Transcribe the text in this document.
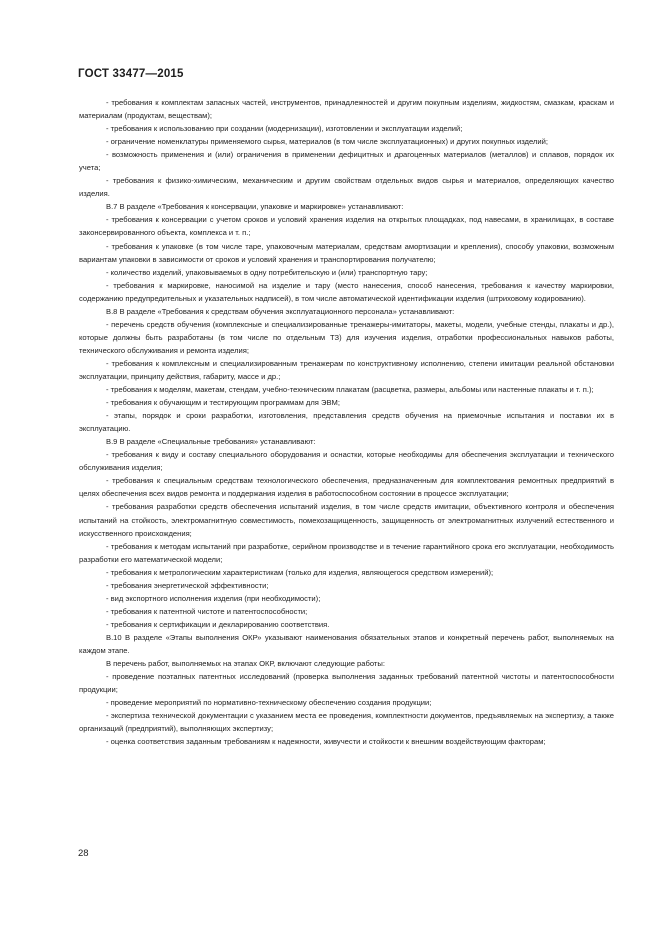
ГОСТ 33477—2015

- требования к комплектам запасных частей, инструментов, принадлежностей и другим покупным изделиям, жидкостям, смазкам, краскам и материалам (продуктам, веществам);

- требования к использованию при создании (модернизации), изготовлении и эксплуатации изделий;

- ограничение номенклатуры применяемого сырья, материалов (в том числе эксплуатационных) и других покупных изделий;

- возможность применения и (или) ограничения в применении дефицитных и драгоценных материалов (металлов) и сплавов, порядок их учета;

- требования к физико-химическим, механическим и другим свойствам отдельных видов сырья и материалов, определяющих качество изделия.

В.7 В разделе «Требования к консервации, упаковке и маркировке» устанавливают:

- требования к консервации с учетом сроков и условий хранения изделия на открытых площадках, под навесами, в хранилищах, в составе законсервированного объекта, комплекса и т. п.;

- требования к упаковке (в том числе таре, упаковочным материалам, средствам амортизации и крепления), способу упаковки, возможным вариантам упаковки в зависимости от сроков и условий хранения и транспортирования получателю;

- количество изделий, упаковываемых в одну потребительскую и (или) транспортную тару;

- требования к маркировке, наносимой на изделие и тару (место нанесения, способ нанесения, требования к качеству маркировки, содержанию предупредительных и указательных надписей), в том числе автоматической идентификации изделия (штриховому кодированию).

В.8 В разделе «Требования к средствам обучения эксплуатационного персонала» устанавливают:

- перечень средств обучения (комплексные и специализированные тренажеры-имитаторы, макеты, модели, учебные стенды, плакаты и др.), которые должны быть разработаны (в том числе по отдельным ТЗ) для изучения изделия, отработки профессиональных навыков работы, технического обслуживания и ремонта изделия;

- требования к комплексным и специализированным тренажерам по конструктивному исполнению, степени имитации реальной обстановки эксплуатации, принципу действия, габариту, массе и др.;

- требования к моделям, макетам, стендам, учебно-техническим плакатам (расцветка, размеры, альбомы или настенные плакаты и т. п.);

- требования к обучающим и тестирующим программам для ЭВМ;

- этапы, порядок и сроки разработки, изготовления, представления средств обучения на приемочные испытания и поставки их в эксплуатацию.

В.9 В разделе «Специальные требования» устанавливают:

- требования к виду и составу специального оборудования и оснастки, которые необходимы для обеспечения эксплуатации и технического обслуживания изделия;

- требования к специальным средствам технологического обеспечения, предназначенным для комплектования ремонтных предприятий в целях обеспечения всех видов ремонта и поддержания изделия в работоспособном состоянии в процессе эксплуатации;

- требования разработки средств обеспечения испытаний изделия, в том числе средств имитации, объективного контроля и обеспечения испытаний на стойкость, электромагнитную совместимость, помехозащищенность, защищенность от электромагнитных излучений естественного и искусственного происхождения;

- требования к методам испытаний при разработке, серийном производстве и в течение гарантийного срока его эксплуатации, необходимость разработки его математической модели;

- требования к метрологическим характеристикам (только для изделия, являющегося средством измерений);

- требования энергетической эффективности;

- вид экспортного исполнения изделия (при необходимости);

- требования к патентной чистоте и патентоспособности;

- требования к сертификации и декларированию соответствия.

В.10 В разделе «Этапы выполнения ОКР» указывают наименования обязательных этапов и конкретный перечень работ, выполняемых на каждом этапе.

В перечень работ, выполняемых на этапах ОКР, включают следующие работы:

- проведение поэтапных патентных исследований (проверка выполнения заданных требований патентной чистоты и патентоспособности продукции;

- проведение мероприятий по нормативно-техническому обеспечению создания продукции;

- экспертиза технической документации с указанием места ее проведения, комплектности документов, предъявляемых на экспертизу, а также организаций (предприятий), выполняющих экспертизу;

- оценка соответствия заданным требованиям к надежности, живучести и стойкости к внешним воздействующим факторам;

28
